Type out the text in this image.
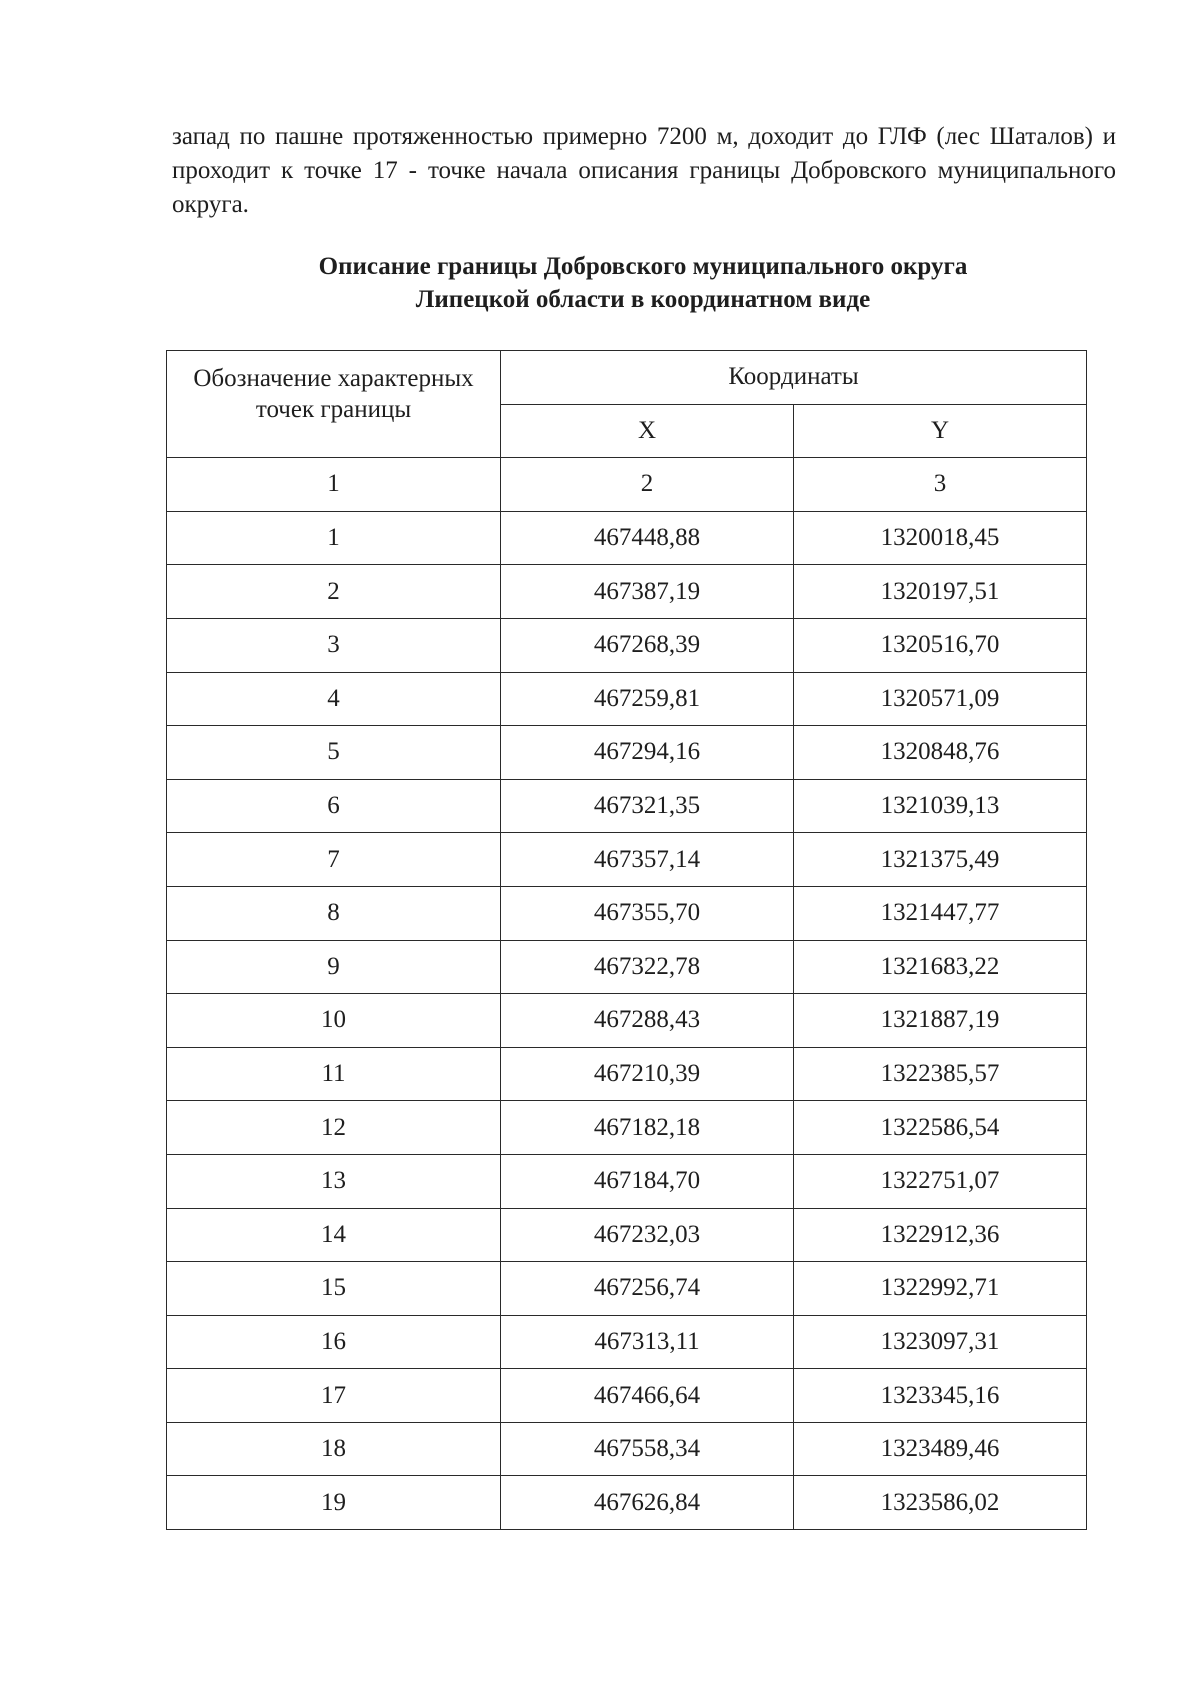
запад по пашне протяженностью примерно 7200 м, доходит до ГЛФ (лес Шаталов) и проходит к точке 17 - точке начала описания границы Добровского муниципального округа.

Описание границы Добровского муниципального округа
Липецкой области в координатном виде
Обозначение характерных точек границы	Координаты	
	X	Y
1	2	3
1	467448,88	1320018,45
2	467387,19	1320197,51
3	467268,39	1320516,70
4	467259,81	1320571,09
5	467294,16	1320848,76
6	467321,35	1321039,13
7	467357,14	1321375,49
8	467355,70	1321447,77
9	467322,78	1321683,22
10	467288,43	1321887,19
11	467210,39	1322385,57
12	467182,18	1322586,54
13	467184,70	1322751,07
14	467232,03	1322912,36
15	467256,74	1322992,71
16	467313,11	1323097,31
17	467466,64	1323345,16
18	467558,34	1323489,46
19	467626,84	1323586,02
